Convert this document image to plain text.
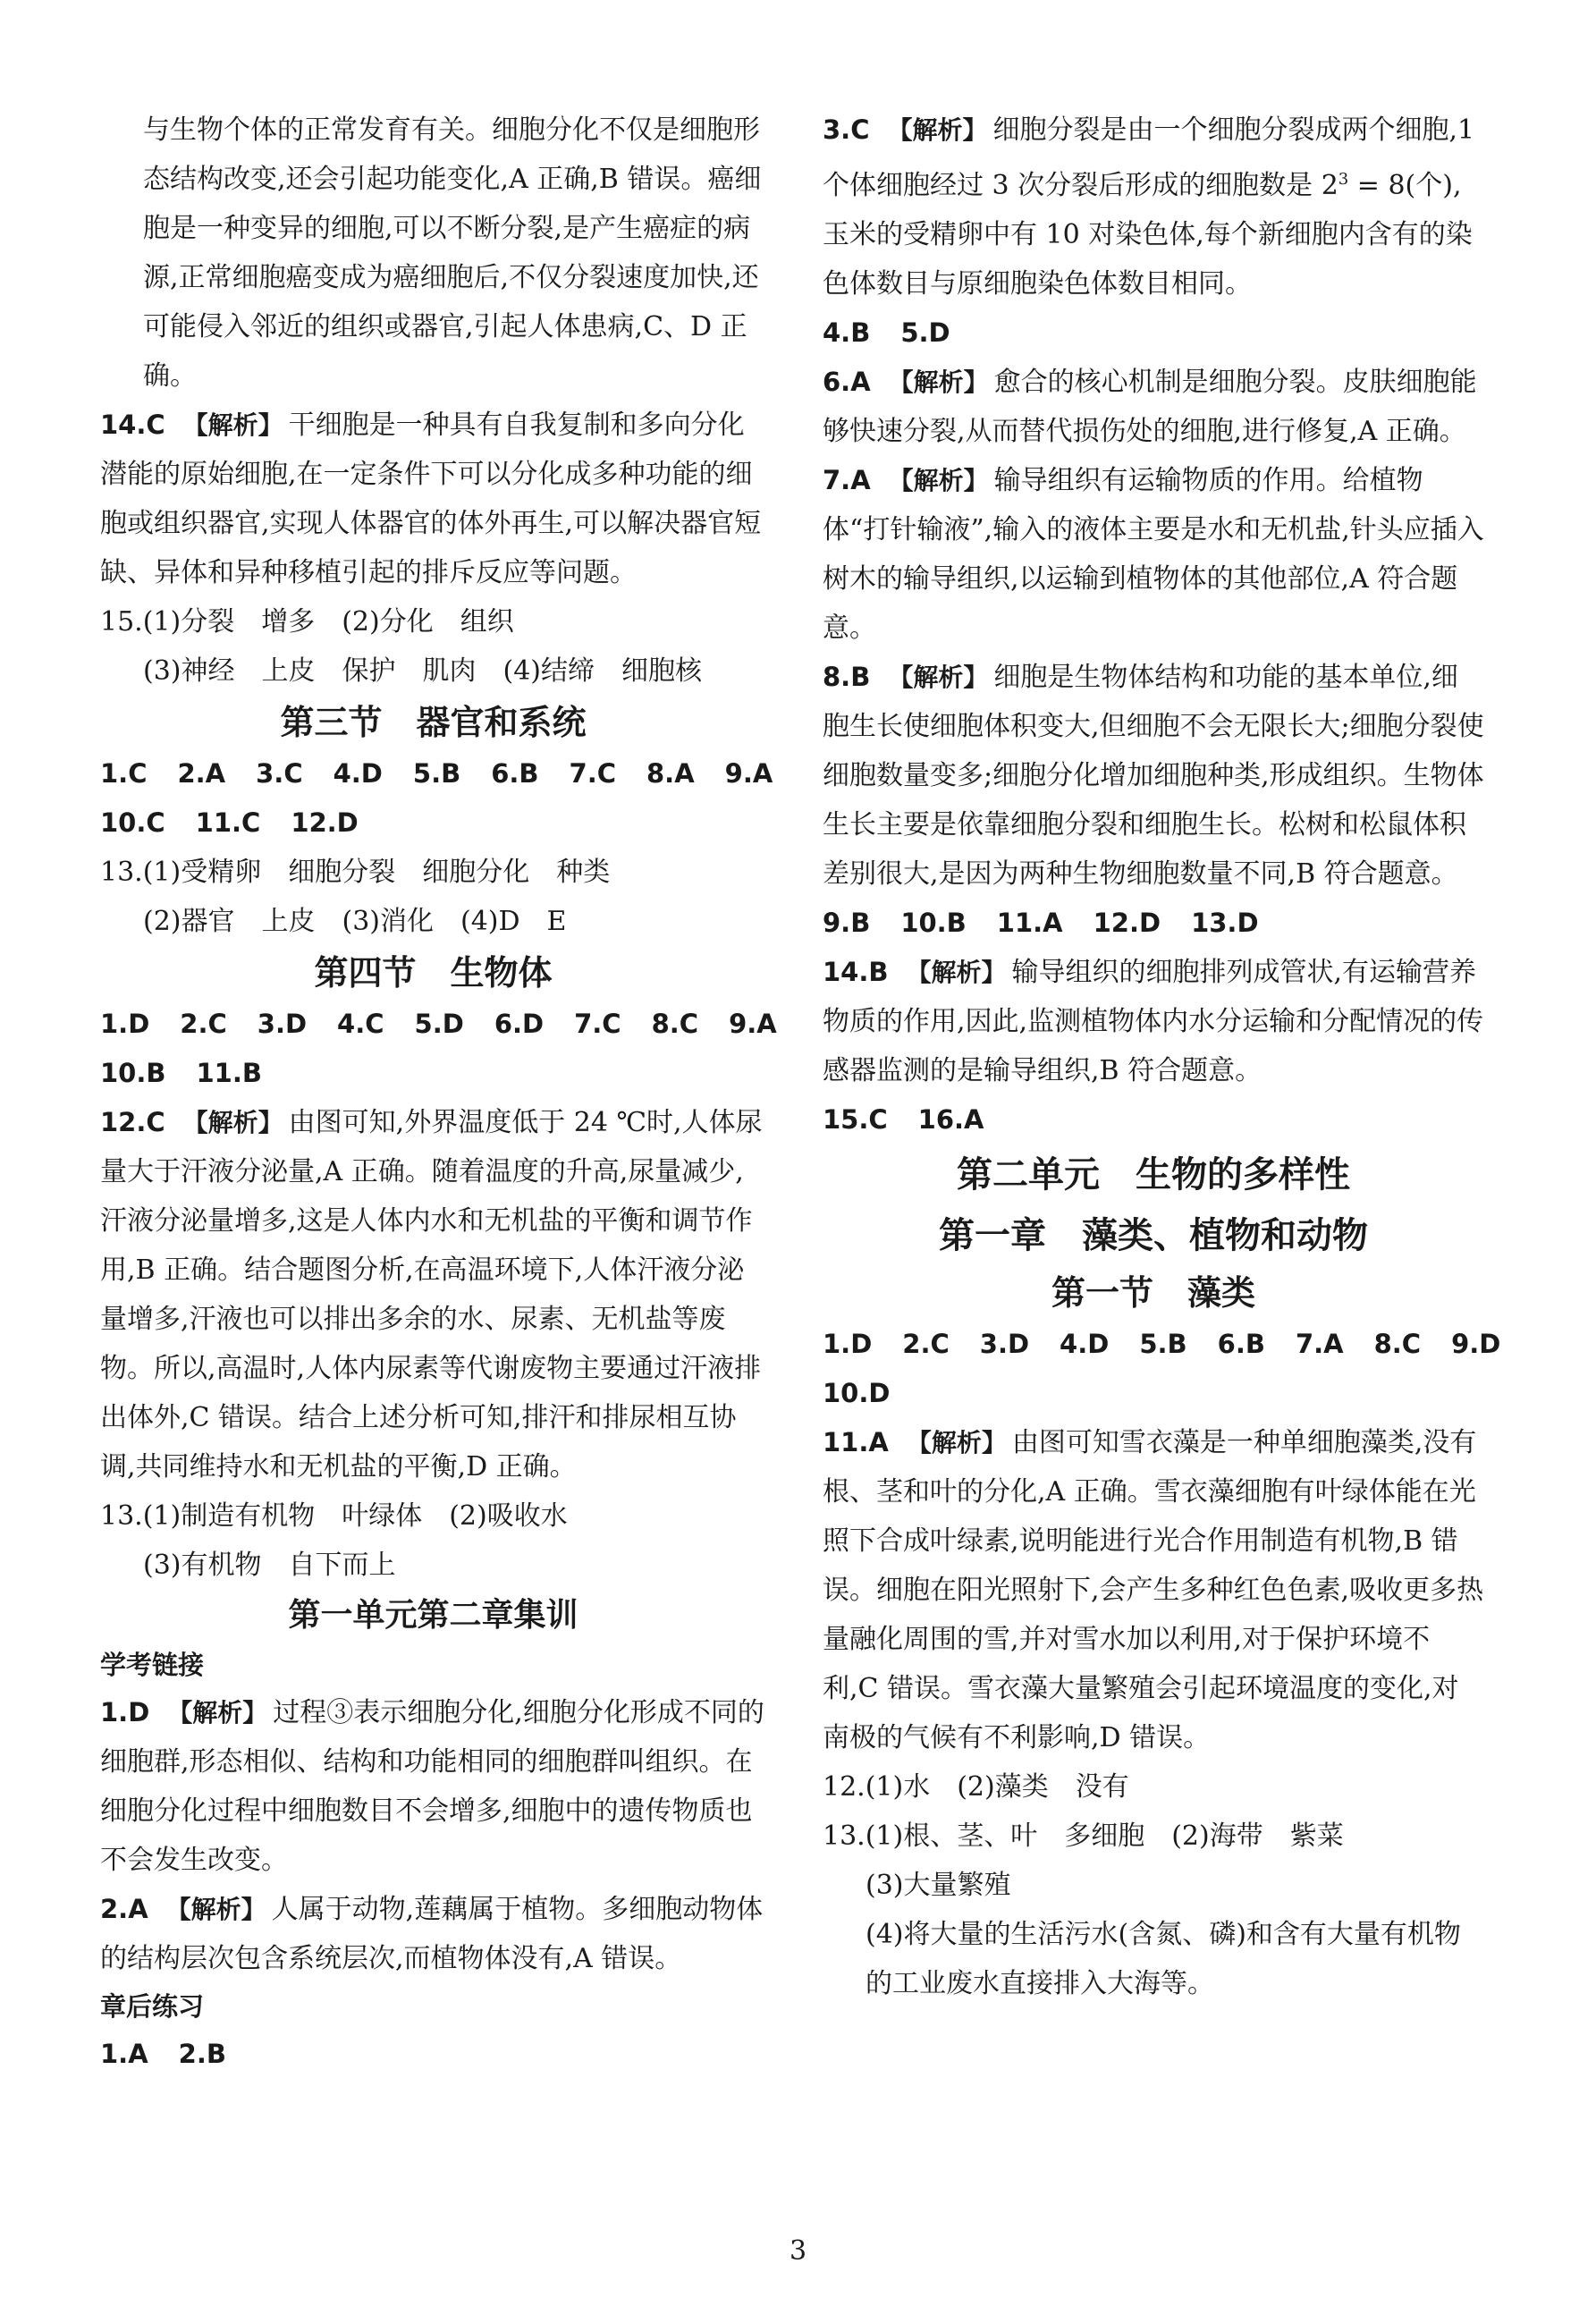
与生物个体的正常发育有关。细胞分化不仅是细胞形态结构改变,还会引起功能变化,A 正确,B 错误。癌细胞是一种变异的细胞,可以不断分裂,是产生癌症的病源,正常细胞癌变成为癌细胞后,不仅分裂速度加快,还可能侵入邻近的组织或器官,引起人体患病,C、D 正确。

14.C 【解析】 干细胞是一种具有自我复制和多向分化潜能的原始细胞,在一定条件下可以分化成多种功能的细胞或组织器官,实现人体器官的体外再生,可以解决器官短缺、异体和异种移植引起的排斥反应等问题。

15.(1)分裂　增多　(2)分化　组织

(3)神经　上皮　保护　肌肉　(4)结缔　细胞核

第三节　器官和系统

1.C 2.A 3.C 4.D 5.B 6.B 7.C 8.A 9.A
10.C 11.C 12.D

13.(1)受精卵　细胞分裂　细胞分化　种类

(2)器官　上皮　(3)消化　(4)D　E

第四节　生物体

1.D 2.C 3.D 4.C 5.D 6.D 7.C 8.C 9.A
10.B 11.B

12.C 【解析】 由图可知,外界温度低于 24 ℃时,人体尿量大于汗液分泌量,A 正确。随着温度的升高,尿量减少,汗液分泌量增多,这是人体内水和无机盐的平衡和调节作用,B 正确。结合题图分析,在高温环境下,人体汗液分泌量增多,汗液也可以排出多余的水、尿素、无机盐等废物。所以,高温时,人体内尿素等代谢废物主要通过汗液排出体外,C 错误。结合上述分析可知,排汗和排尿相互协调,共同维持水和无机盐的平衡,D 正确。

13.(1)制造有机物　叶绿体　(2)吸收水

(3)有机物　自下而上

第一单元第二章集训

学考链接

1.D 【解析】 过程③表示细胞分化,细胞分化形成不同的细胞群,形态相似、结构和功能相同的细胞群叫组织。在细胞分化过程中细胞数目不会增多,细胞中的遗传物质也不会发生改变。

2.A 【解析】 人属于动物,莲藕属于植物。多细胞动物体的结构层次包含系统层次,而植物体没有,A 错误。

章后练习

1.A 2.B

3.C 【解析】 细胞分裂是由一个细胞分裂成两个细胞,1 个体细胞经过 3 次分裂后形成的细胞数是 $2^3 = 8$(个),玉米的受精卵中有 10 对染色体,每个新细胞内含有的染色体数目与原细胞染色体数目相同。

4.B 5.D

6.A 【解析】 愈合的核心机制是细胞分裂。皮肤细胞能够快速分裂,从而替代损伤处的细胞,进行修复,A 正确。

7.A 【解析】 输导组织有运输物质的作用。给植物体“打针输液”,输入的液体主要是水和无机盐,针头应插入树木的输导组织,以运输到植物体的其他部位,A 符合题意。

8.B 【解析】 细胞是生物体结构和功能的基本单位,细胞生长使细胞体积变大,但细胞不会无限长大;细胞分裂使细胞数量变多;细胞分化增加细胞种类,形成组织。生物体生长主要是依靠细胞分裂和细胞生长。松树和松鼠体积差别很大,是因为两种生物细胞数量不同,B 符合题意。

9.B 10.B 11.A 12.D 13.D

14.B 【解析】 输导组织的细胞排列成管状,有运输营养物质的作用,因此,监测植物体内水分运输和分配情况的传感器监测的是输导组织,B 符合题意。

15.C 16.A

第二单元　生物的多样性

第一章　藻类、植物和动物

第一节　藻类

1.D 2.C 3.D 4.D 5.B 6.B 7.A 8.C 9.D
10.D

11.A 【解析】 由图可知雪衣藻是一种单细胞藻类,没有根、茎和叶的分化,A 正确。雪衣藻细胞有叶绿体能在光照下合成叶绿素,说明能进行光合作用制造有机物,B 错误。细胞在阳光照射下,会产生多种红色色素,吸收更多热量融化周围的雪,并对雪水加以利用,对于保护环境不利,C 错误。雪衣藻大量繁殖会引起环境温度的变化,对南极的气候有不利影响,D 错误。

12.(1)水　(2)藻类　没有

13.(1)根、茎、叶　多细胞　(2)海带　紫菜

(3)大量繁殖

(4)将大量的生活污水(含氮、磷)和含有大量有机物的工业废水直接排入大海等。

3
